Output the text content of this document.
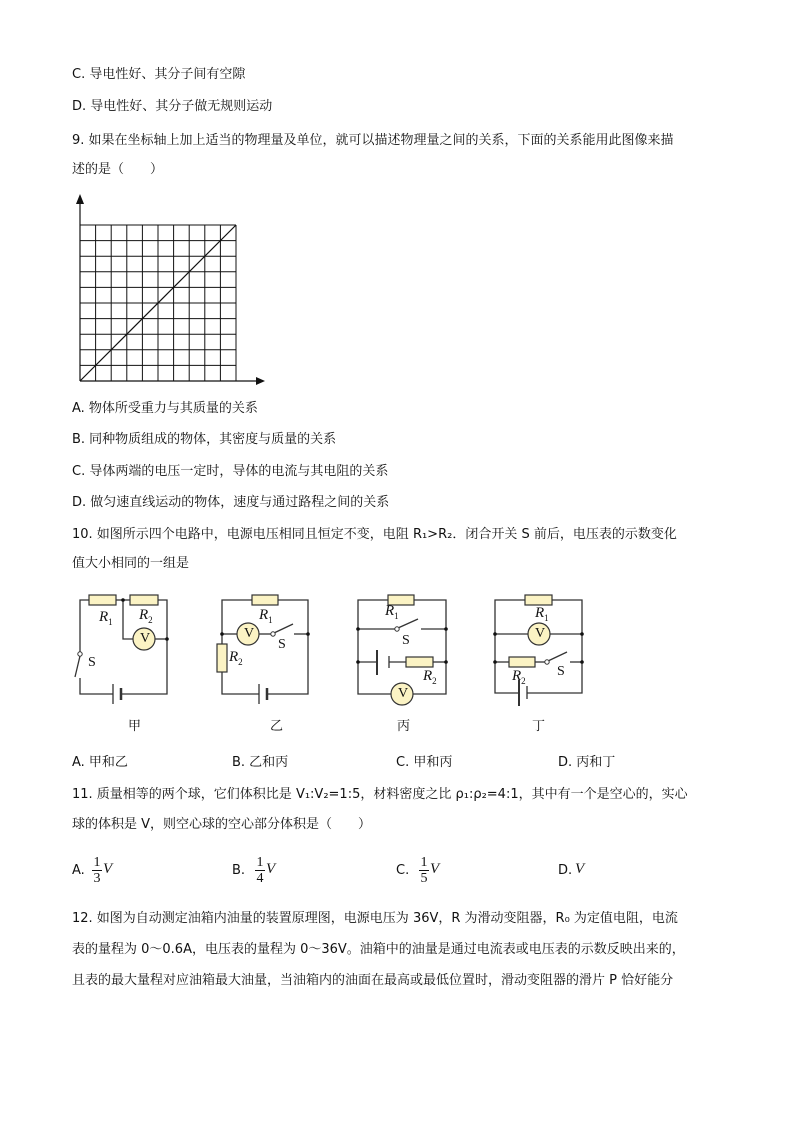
C. 导电性好、其分子间有空隙
D. 导电性好、其分子做无规则运动
9. 如果在坐标轴上加上适当的物理量及单位，就可以描述物理量之间的关系，下面的关系能用此图像来描
述的是（　　）
A. 物体所受重力与其质量的关系
B. 同种物质组成的物体，其密度与质量的关系
C. 导体两端的电压一定时，导体的电流与其电阻的关系
D. 做匀速直线运动的物体，速度与通过路程之间的关系
10. 如图所示四个电路中，电源电压相同且恒定不变，电阻 R₁>R₂．闭合开关 S 前后，电压表的示数变化
值大小相同的一组是
$R_1$ $R_2$
V
S
$R_1$
V
S
$R_2$
$R_1$
S
$R_2$
V
$R_1$
V
$R_2$
S
甲	乙	丙	丁
A. 甲和乙	B. 乙和丙	C. 甲和丙	D. 丙和丁
11. 质量相等的两个球，它们体积比是 V₁:V₂=1:5，材料密度之比 ρ₁:ρ₂=4:1，其中有一个是空心的，实心
球的体积是 V，则空心球的空心部分体积是（　　）
A. $\frac{1}{3}$ V	B. $\frac{1}{4}$ V	C. $\frac{1}{5}$ V	D. V
12. 如图为自动测定油箱内油量的装置原理图，电源电压为 36V，R 为滑动变阻器，R₀ 为定值电阻，电流
表的量程为 0～0.6A，电压表的量程为 0～36V。油箱中的油量是通过电流表或电压表的示数反映出来的，
且表的最大量程对应油箱最大油量，当油箱内的油面在最高或最低位置时，滑动变阻器的滑片 P 恰好能分
